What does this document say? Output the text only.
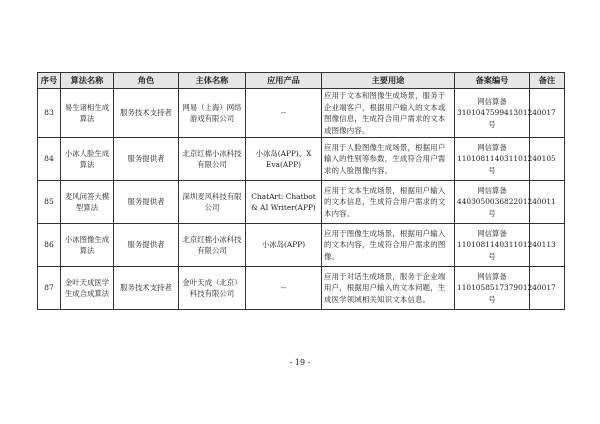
序号	算法名称	角色	主体名称	应用产品	主要用途	备案编号	备注
83	易生诸相生成算法	服务技术支持者	网易（上海）网络游戏有限公司	--	应用于文本和图像生成场景，服务于企业端客户，根据用户输入的文本或图像信息，生成符合用户需求的文本或图像内容。	网信算备310104759941301240017号	
84	小冰人脸生成算法	服务提供者	北京红棉小冰科技有限公司	小冰岛(APP)、X Eva(APP)	应用于人脸图像生成场景，根据用户输入的性别等参数，生成符合用户需求的人脸图像内容。	网信算备110108114031101240105号	
85	麦风问答大模型算法	服务提供者	深圳麦风科技有限公司	ChatArt: Chatbot & AI Writer(APP)	应用于文本生成场景，根据用户输入的文本信息，生成符合用户需求的文本内容。	网信算备440305003682201240011号	
86	小冰图像生成算法	服务提供者	北京红棉小冰科技有限公司	小冰岛(APP)	应用于图像生成场景，根据用户输入的文本内容，生成符合用户需求的图像。	网信算备110108114031101240113号	
87	金叶天成医学生成合成算法	服务技术支持者	金叶天成（北京）科技有限公司	--	应用于对话生成场景，服务于企业端用户，根据用户输入的文本问题，生成医学领域相关知识文本信息。	网信算备110105851737901240017号	
- 19 -
